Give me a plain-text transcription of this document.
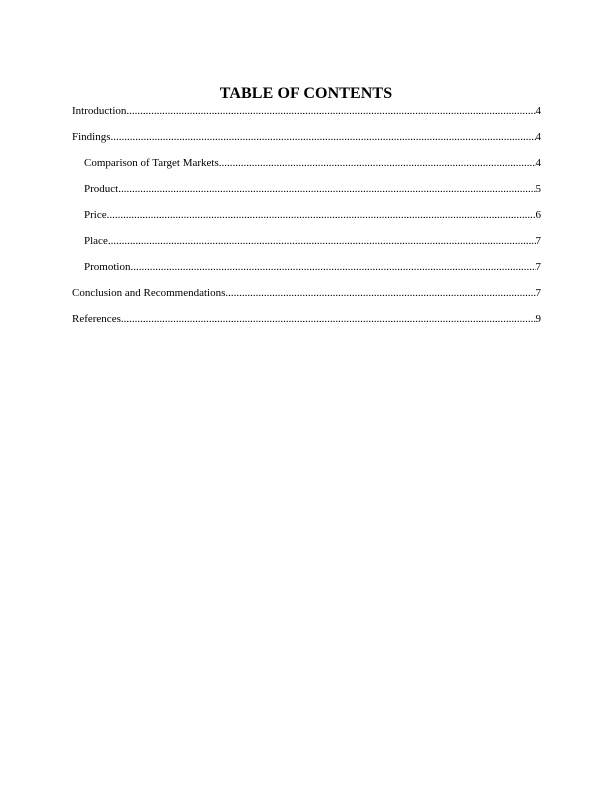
TABLE OF CONTENTS
Introduction .....	4
Findings .....	4
Comparison of Target Markets .....	4
Product .....	5
Price .....	6
Place .....	7
Promotion .....	7
Conclusion and Recommendations .....	7
References .....	9
